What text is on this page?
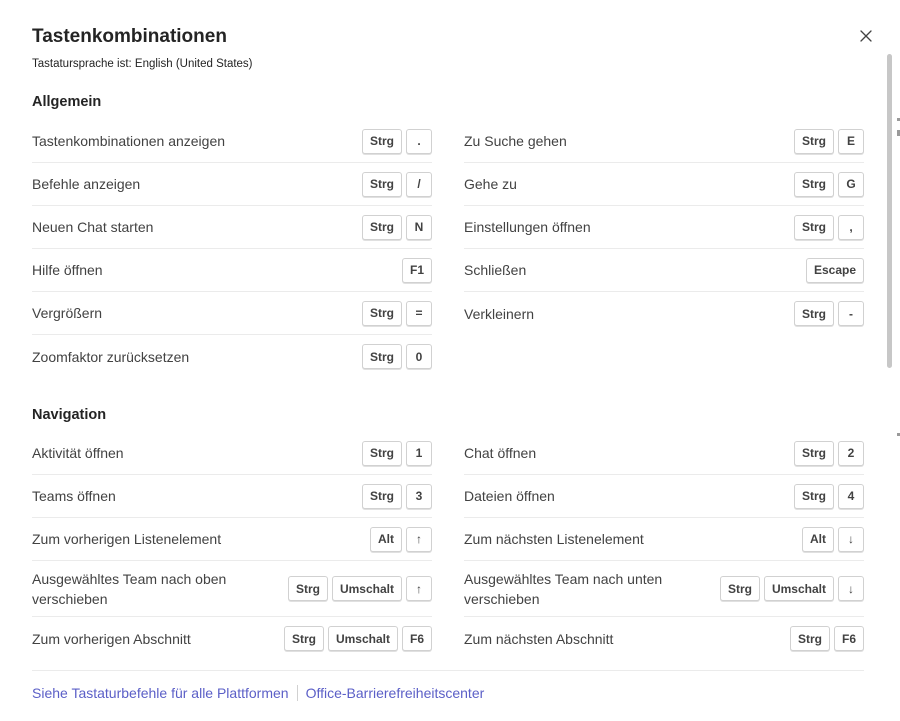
Tastenkombinationen
Tastatursprache ist: English (United States)
Allgemein
Tastenkombinationen anzeigen	Strg	.
Befehle anzeigen	Strg	/
Neuen Chat starten	Strg	N
Hilfe öffnen	F1
Vergrößern	Strg	=
Zoomfaktor zurücksetzen	Strg	0
Zu Suche gehen	Strg	E
Gehe zu	Strg	G
Einstellungen öffnen	Strg	,
Schließen	Escape
Verkleinern	Strg	-
Navigation
Aktivität öffnen	Strg	1
Teams öffnen	Strg	3
Zum vorherigen Listenelement	Alt	↑
Ausgewähltes Team nach oben verschieben
Strg	Umschalt	↑
Zum vorherigen Abschnitt	Strg	Umschalt	F6
Chat öffnen	Strg	2
Dateien öffnen	Strg	4
Zum nächsten Listenelement	Alt	↓
Ausgewähltes Team nach unten verschieben
Strg	Umschalt	↓
Zum nächsten Abschnitt	Strg	F6
Siehe Tastaturbefehle für alle Plattformen Office-Barrierefreiheitscenter
